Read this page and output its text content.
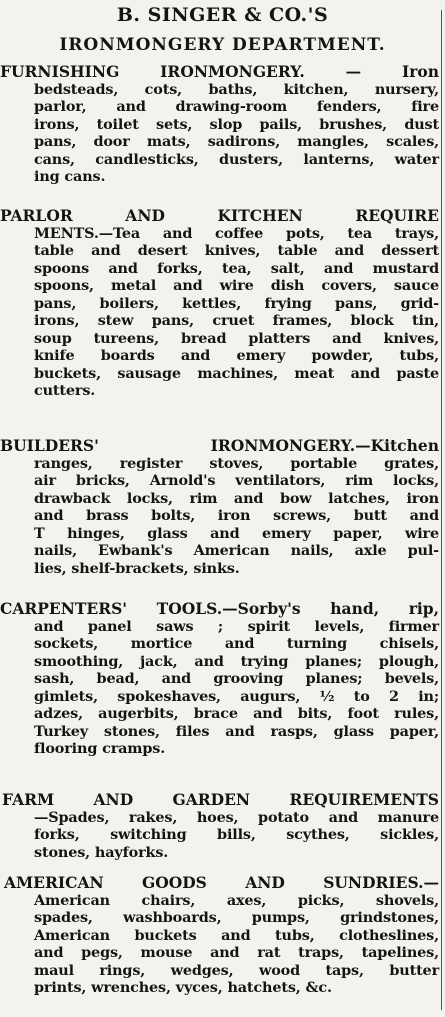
B. SINGER & CO.'S
IRONMONGERY DEPARTMENT.
FURNISHING IRONMONGERY. — Iron
bedsteads, cots, baths, kitchen, nursery,
parlor, and drawing-room fenders, fire
irons, toilet sets, slop pails, brushes, dust
pans, door mats, sadirons, mangles, scales,
cans, candlesticks, dusters, lanterns, water
ing cans.
PARLOR AND KITCHEN REQUIRE
MENTS.—Tea and coffee pots, tea trays,
table and desert knives, table and dessert
spoons and forks, tea, salt, and mustard
spoons, metal and wire dish covers, sauce
pans, boilers, kettles, frying pans, grid-
irons, stew pans, cruet frames, block tin,
soup tureens, bread platters and knives,
knife boards and emery powder, tubs,
buckets, sausage machines, meat and paste
cutters.
BUILDERS' IRONMONGERY.—Kitchen
ranges, register stoves, portable grates,
air bricks, Arnold's ventilators, rim locks,
drawback locks, rim and bow latches, iron
and brass bolts, iron screws, butt and
T hinges, glass and emery paper, wire
nails, Ewbank's American nails, axle pul-
lies, shelf-brackets, sinks.
CARPENTERS' TOOLS.—Sorby's hand, rip,
and panel saws ; spirit levels, firmer
sockets, mortice and turning chisels,
smoothing, jack, and trying planes; plough,
sash, bead, and grooving planes; bevels,
gimlets, spokeshaves, augurs, ½ to 2 in;
adzes, augerbits, brace and bits, foot rules,
Turkey stones, files and rasps, glass paper,
flooring cramps.
FARM AND GARDEN REQUIREMENTS
—Spades, rakes, hoes, potato and manure
forks, switching bills, scythes, sickles,
stones, hayforks.
AMERICAN GOODS AND SUNDRIES.—
American chairs, axes, picks, shovels,
spades, washboards, pumps, grindstones,
American buckets and tubs, clotheslines,
and pegs, mouse and rat traps, tapelines,
maul rings, wedges, wood taps, butter
prints, wrenches, vyces, hatchets, &c.
